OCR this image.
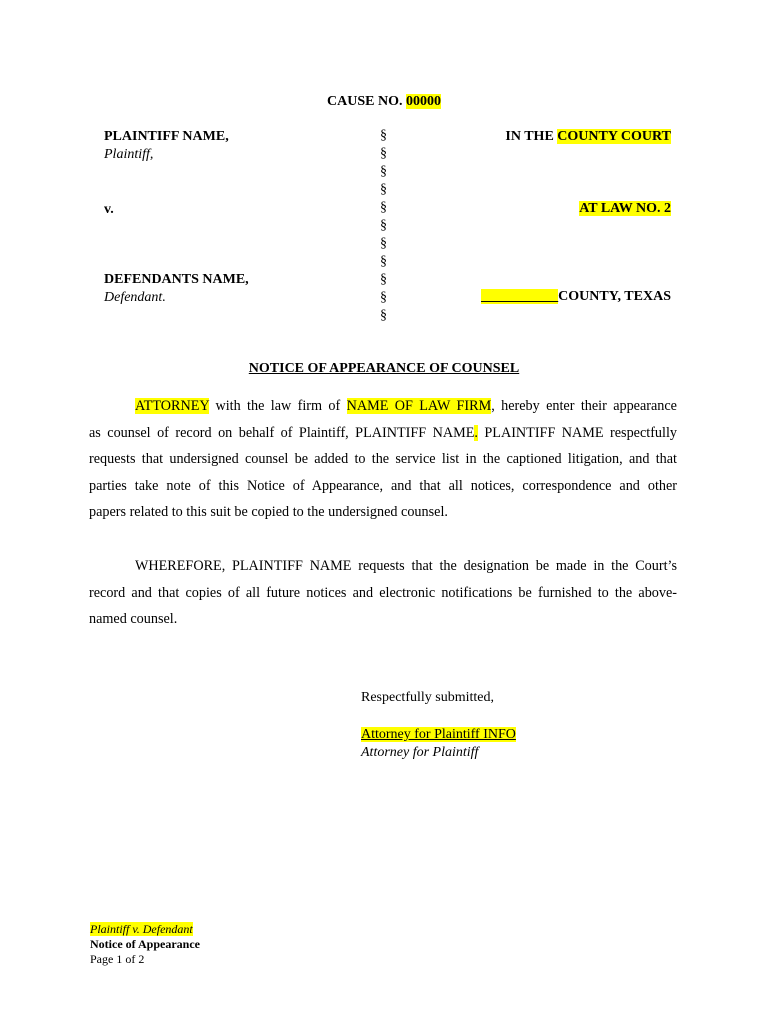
CAUSE NO. 00000
PLAINTIFF NAME,
Plaintiff,
v.
DEFENDANTS NAME,
Defendant.
§
§
§
§
§
§
§
§
§
§
§
IN THE COUNTY COURT
AT LAW NO. 2
___________COUNTY, TEXAS
NOTICE OF APPEARANCE OF COUNSEL
ATTORNEY with the law firm of NAME OF LAW FIRM, hereby enter their appearance
as counsel of record on behalf of Plaintiff, PLAINTIFF NAME. PLAINTIFF NAME respectfully
requests that undersigned counsel be added to the service list in the captioned litigation, and that
parties take note of this Notice of Appearance, and that all notices, correspondence and other
papers related to this suit be copied to the undersigned counsel.
WHEREFORE, PLAINTIFF NAME requests that the designation be made in the Court’s
record and that copies of all future notices and electronic notifications be furnished to the above-
named counsel.
Respectfully submitted,
Attorney for Plaintiff INFO
Attorney for Plaintiff
Plaintiff v. Defendant
Notice of Appearance
Page 1 of 2
